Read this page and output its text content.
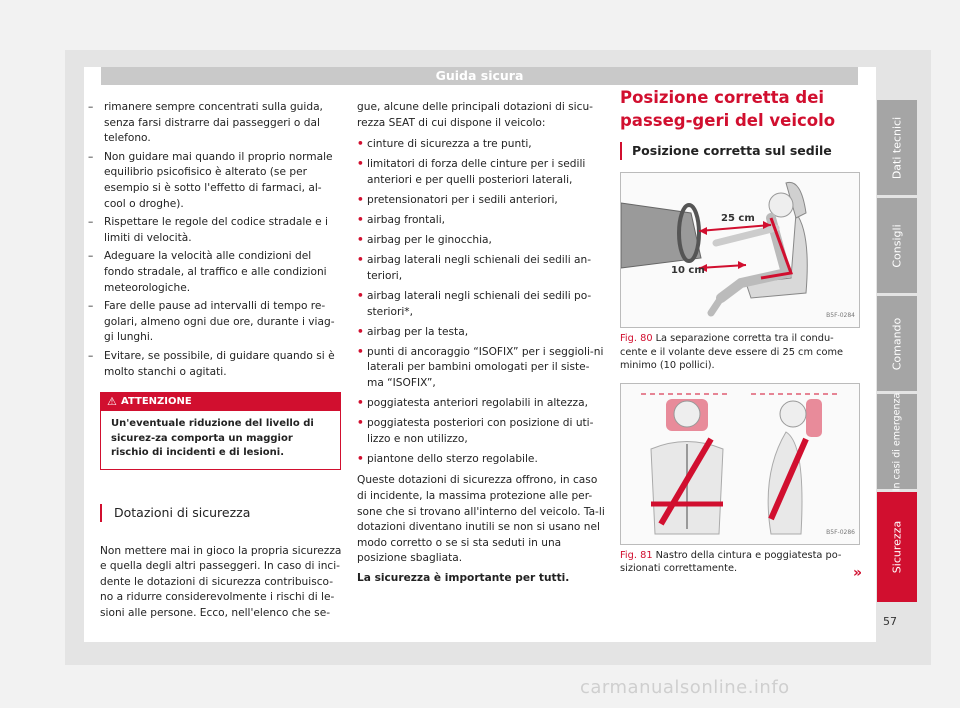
Guida sicura
– rimanere sempre concentrati sulla guida, senza farsi distrarre dai passeggeri o dal telefono.
– Non guidare mai quando il proprio normale equilibrio psicofisico è alterato (se per esempio si è sotto l'effetto di farmaci, al-cool o droghe).
– Rispettare le regole del codice stradale e i limiti di velocità.
– Adeguare la velocità alle condizioni del fondo stradale, al traffico e alle condizioni meteorologiche.
– Fare delle pause ad intervalli di tempo re-golari, almeno ogni due ore, durante i viag-gi lunghi.
– Evitare, se possibile, di guidare quando si è molto stanchi o agitati.
⚠ ATTENZIONE
Un'eventuale riduzione del livello di sicurez-za comporta un maggior rischio di incidenti e di lesioni.
Dotazioni di sicurezza

Non mettere mai in gioco la propria sicurezza e quella degli altri passeggeri. In caso di inci-dente le dotazioni di sicurezza contribuisco-no a ridurre considerevolmente i rischi di le-sioni alle persone. Ecco, nell'elenco che se-

gue, alcune delle principali dotazioni di sicu-rezza SEAT di cui dispone il veicolo:

• cinture di sicurezza a tre punti,
• limitatori di forza delle cinture per i sedili anteriori e per quelli posteriori laterali,
• pretensionatori per i sedili anteriori,
• airbag frontali,
• airbag per le ginocchia,
• airbag laterali negli schienali dei sedili an-teriori,
• airbag laterali negli schienali dei sedili po-steriori*,
• airbag per la testa,
• punti di ancoraggio “ISOFIX” per i seggioli-ni laterali per bambini omologati per il siste-ma “ISOFIX”,
• poggiatesta anteriori regolabili in altezza,
• poggiatesta posteriori con posizione di uti-lizzo e non utilizzo,
• piantone dello sterzo regolabile.

Queste dotazioni di sicurezza offrono, in caso di incidente, la massima protezione alle per-sone che si trovano all'interno del veicolo. Ta-li dotazioni diventano inutili se non si usano nel modo corretto o se si sta seduti in una posizione sbagliata.

La sicurezza è importante per tutti.

Posizione corretta dei passeg-geri del veicolo
Posizione corretta sul sedile
25 cm
10 cm
B5F-0284
Fig. 80 La separazione corretta tra il condu-cente e il volante deve essere di 25 cm come minimo (10 pollici).
B5F-0286
Fig. 81 Nastro della cintura e poggiatesta po-sizionati correttamente.	»
Dati tecnici
Consigli
Comando
In casi di emergenza
Sicurezza
57
carmanualsonline.info
